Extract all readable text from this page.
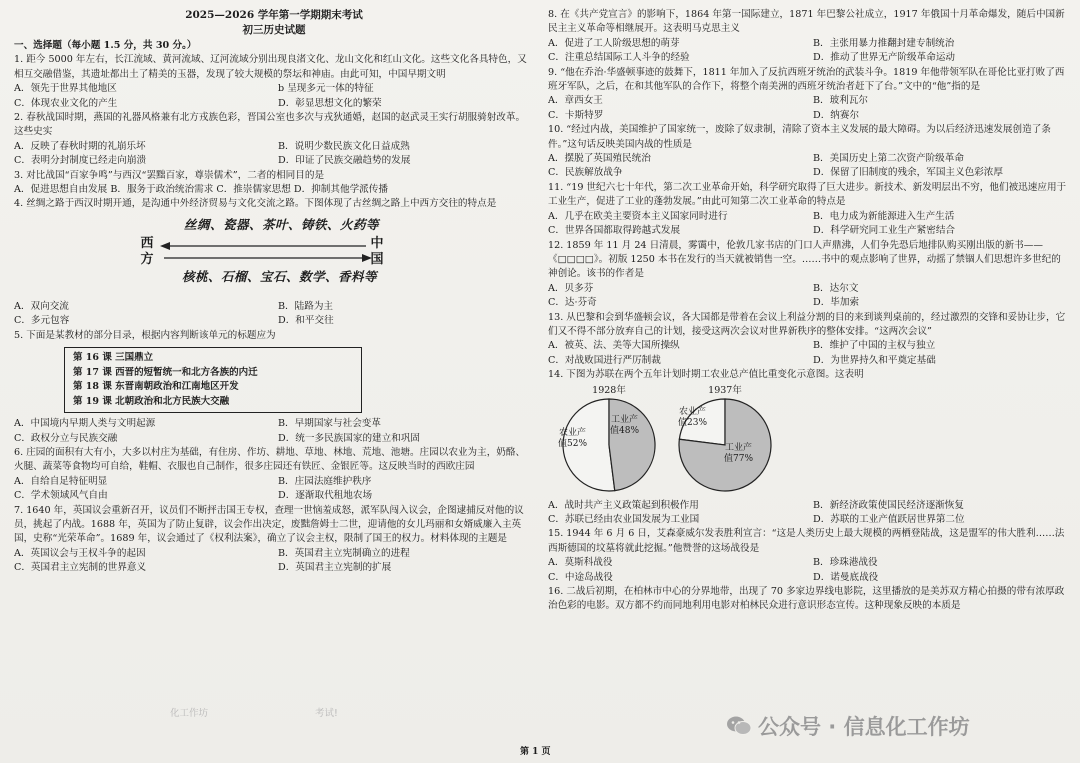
2025—2026 学年第一学期期末考试
初三历史试题
一、选择题（每小题 1.5 分，共 30 分。）

1. 距今 5000 年左右，长江流域、黄河流域、辽河流域分别出现良渚文化、龙山文化和红山文化。这些文化各具特色，又相互交融借鉴，其遗址都出土了精美的玉器，发现了较大规模的祭坛和神庙。由此可知，中国早期文明

A．领先于世界其他地区	b 呈现多元一体的特征
C．体现农业文化的产生	D．彰显思想文化的繁荣

2. 春秋战国时期，燕国的礼器风格兼有北方戎族色彩，晋国公室也多次与戎狄通婚，赵国的赵武灵王实行胡服骑射改革。这些史实

A．反映了春秋时期的礼崩乐坏	B．说明少数民族文化日益成熟
C．表明分封制度已经走向崩溃	D．印证了民族交融趋势的发展

3. 对比战国“百家争鸣”与西汉“罢黜百家，尊崇儒术”，二者的相同目的是

A．促进思想自由发展 B．服务于政治统治需求 C．推崇儒家思想 D．抑制其他学派传播

4. 丝绸之路于西汉时期开通，是沟通中外经济贸易与文化交流之路。下图体现了古丝绸之路上中西方交往的特点是

丝绸、瓷器、茶叶、铸铁、火药等
西方
中国
核桃、石榴、宝石、数学、香料等
A．双向交流	B．陆路为主
C．多元包容	D．和平交往

5. 下面是某教材的部分目录，根据内容判断该单元的标题应为

第 16 课 三国鼎立
第 17 课 西晋的短暂统一和北方各族的内迁
第 18 课 东晋南朝政治和江南地区开发
第 19 课 北朝政治和北方民族大交融
A．中国境内早期人类与文明起源	B．早期国家与社会变革
C．政权分立与民族交融	D．统一多民族国家的建立和巩固

6. 庄园的面积有大有小，大多以村庄为基础，有住房、作坊、耕地、草地、林地、荒地、池塘。庄园以农业为主，奶酪、火腿、蔬菜等食物均可自给，鞋帽、衣服也自己制作，很多庄园还有铁匠、金银匠等。这反映当时的西欧庄园

A．自给自足特征明显	B．庄园法庭维护秩序
C．学术领域风气自由	D．逐渐取代租地农场

7. 1640 年，英国议会重新召开，议员们不断抨击国王专权，查理一世恼羞成怒，派军队闯入议会，企图逮捕反对他的议员，挑起了内战。1688 年，英国为了防止复辟，议会作出决定，废黜詹姆士二世，迎请他的女儿玛丽和女婿威廉入主英国，史称“光荣革命”。1689 年，议会通过了《权利法案》，确立了议会主权，限制了国王的权力。材料体现的主题是

A．英国议会与王权斗争的起因	B．英国君主立宪制确立的进程
C．英国君主立宪制的世界意义	D．英国君主立宪制的扩展

8. 在《共产党宣言》的影响下，1864 年第一国际建立，1871 年巴黎公社成立，1917 年俄国十月革命爆发，随后中国新民主主义革命等相继展开。这表明马克思主义

A．促进了工人阶级思想的萌芽	B．主张用暴力推翻封建专制统治
C．注重总结国际工人斗争的经验	D．推动了世界无产阶级革命运动

9. “他在乔治·华盛顿事迹的鼓舞下，1811 年加入了反抗西班牙统治的武装斗争。1819 年他带领军队在哥伦比亚打败了西班牙军队，之后，在和其他军队的合作下，将整个南美洲的西班牙统治者赶下了台。”文中的“他”指的是

A．章西女王	B．玻利瓦尔
C．卡斯特罗	D．纳赛尔

10. “经过内战，美国维护了国家统一，废除了奴隶制，清除了资本主义发展的最大障碍。为以后经济迅速发展创造了条件。”这句话反映美国内战的性质是

A．摆脱了英国殖民统治	B．美国历史上第二次资产阶级革命
C．民族解放战争	D．保留了旧制度的残余，军国主义色彩浓厚

11. “19 世纪六七十年代，第二次工业革命开始，科学研究取得了巨大进步。新技术、新发明层出不穷，他们被迅速应用于工业生产，促进了工业的蓬勃发展。”由此可知第二次工业革命的特点是

A．几乎在欧美主要资本主义国家同时进行	B．电力成为新能源进入生产生活
C．世界各国都取得跨越式发展	D．科学研究同工业生产紧密结合

12. 1859 年 11 月 24 日清晨，雾霭中，伦敦几家书店的门口人声鼎沸，人们争先恐后地排队购买刚出版的新书——《□□□□》。初版 1250 本书在发行的当天就被销售一空。……书中的观点影响了世界，动摇了禁锢人们思想许多世纪的神创论。该书的作者是

A．贝多芬	B．达尔文
C．达·芬奇	D．毕加索

13. 从巴黎和会到华盛顿会议，各大国都是带着在会议上利益分割的目的来到谈判桌前的，经过激烈的交锋和妥协让步，它们又不得不部分放弃自己的计划，接受这两次会议对世界新秩序的整体安排。“这两次会议”

A．被英、法、美等大国所操纵	B．维护了中国的主权与独立
C．对战败国进行严厉制裁	D．为世界持久和平奠定基础

14. 下图为苏联在两个五年计划时期工农业总产值比重变化示意图。这表明

1928年
农业产
值52%
工业产
值48%
1937年
农业产
值23%
工业产
值77%
A．战时共产主义政策起到积极作用	B．新经济政策使国民经济逐渐恢复
C．苏联已经由农业国发展为工业国	D．苏联的工业产值跃居世界第二位

15. 1944 年 6 月 6 日，艾森豪威尔发表胜利宣言：“这是人类历史上最大规模的两栖登陆战，这是盟军的伟大胜利……法西斯德国的坟墓将就此挖掘。”他赞誉的这场战役是

A．莫斯科战役	B．珍珠港战役
C．中途岛战役	D．诺曼底战役

16. 二战后初期，在柏林市中心的分界地带，出现了 70 多家边界线电影院，这里播放的是美苏双方精心拍摄的带有浓厚政治色彩的电影。双方都不约而同地利用电影对柏林民众进行意识形态宣传。这种现象反映的本质是

化工作坊	考试!
第 1 页
公众号 · 信息化工作坊
